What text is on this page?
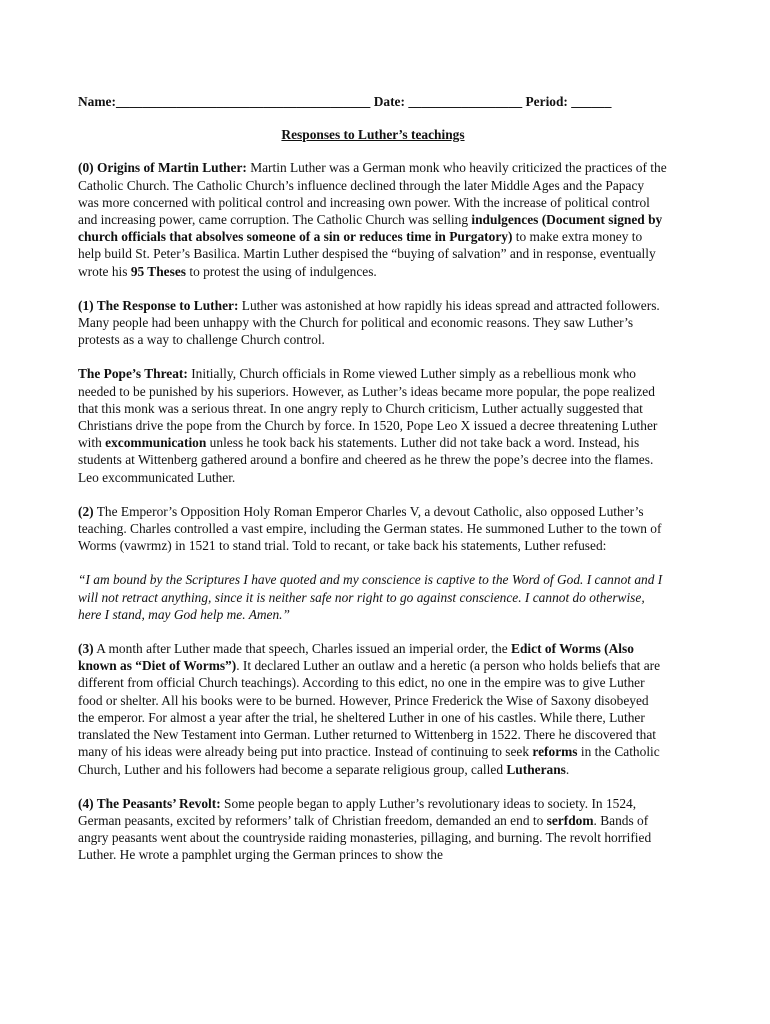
Name:______________________________________ Date: _________________ Period: ______
Responses to Luther’s teachings

(0) Origins of Martin Luther: Martin Luther was a German monk who heavily criticized the practices of the Catholic Church. The Catholic Church’s influence declined through the later Middle Ages and the Papacy was more concerned with political control and increasing own power. With the increase of political control and increasing power, came corruption. The Catholic Church was selling indulgences (Document signed by church officials that absolves someone of a sin or reduces time in Purgatory) to make extra money to help build St. Peter’s Basilica. Martin Luther despised the “buying of salvation” and in response, eventually wrote his 95 Theses to protest the using of indulgences.

(1) The Response to Luther: Luther was astonished at how rapidly his ideas spread and attracted followers. Many people had been unhappy with the Church for political and economic reasons. They saw Luther’s protests as a way to challenge Church control.

The Pope’s Threat: Initially, Church officials in Rome viewed Luther simply as a rebellious monk who needed to be punished by his superiors. However, as Luther’s ideas became more popular, the pope realized that this monk was a serious threat. In one angry reply to Church criticism, Luther actually suggested that Christians drive the pope from the Church by force. In 1520, Pope Leo X issued a decree threatening Luther with excommunication unless he took back his statements. Luther did not take back a word. Instead, his students at Wittenberg gathered around a bonfire and cheered as he threw the pope’s decree into the flames. Leo excommunicated Luther.

(2) The Emperor’s Opposition Holy Roman Emperor Charles V, a devout Catholic, also opposed Luther’s teaching. Charles controlled a vast empire, including the German states. He summoned Luther to the town of Worms (vawrmz) in 1521 to stand trial. Told to recant, or take back his statements, Luther refused:

“I am bound by the Scriptures I have quoted and my conscience is captive to the Word of God. I cannot and I will not retract anything, since it is neither safe nor right to go against conscience. I cannot do otherwise, here I stand, may God help me. Amen.”

(3) A month after Luther made that speech, Charles issued an imperial order, the Edict of Worms (Also known as “Diet of Worms”). It declared Luther an outlaw and a heretic (a person who holds beliefs that are different from official Church teachings). According to this edict, no one in the empire was to give Luther food or shelter. All his books were to be burned. However, Prince Frederick the Wise of Saxony disobeyed the emperor. For almost a year after the trial, he sheltered Luther in one of his castles. While there, Luther translated the New Testament into German. Luther returned to Wittenberg in 1522. There he discovered that many of his ideas were already being put into practice. Instead of continuing to seek reforms in the Catholic Church, Luther and his followers had become a separate religious group, called Lutherans.

(4) The Peasants’ Revolt: Some people began to apply Luther’s revolutionary ideas to society. In 1524, German peasants, excited by reformers’ talk of Christian freedom, demanded an end to serfdom. Bands of angry peasants went about the countryside raiding monasteries, pillaging, and burning. The revolt horrified Luther. He wrote a pamphlet urging the German princes to show the
